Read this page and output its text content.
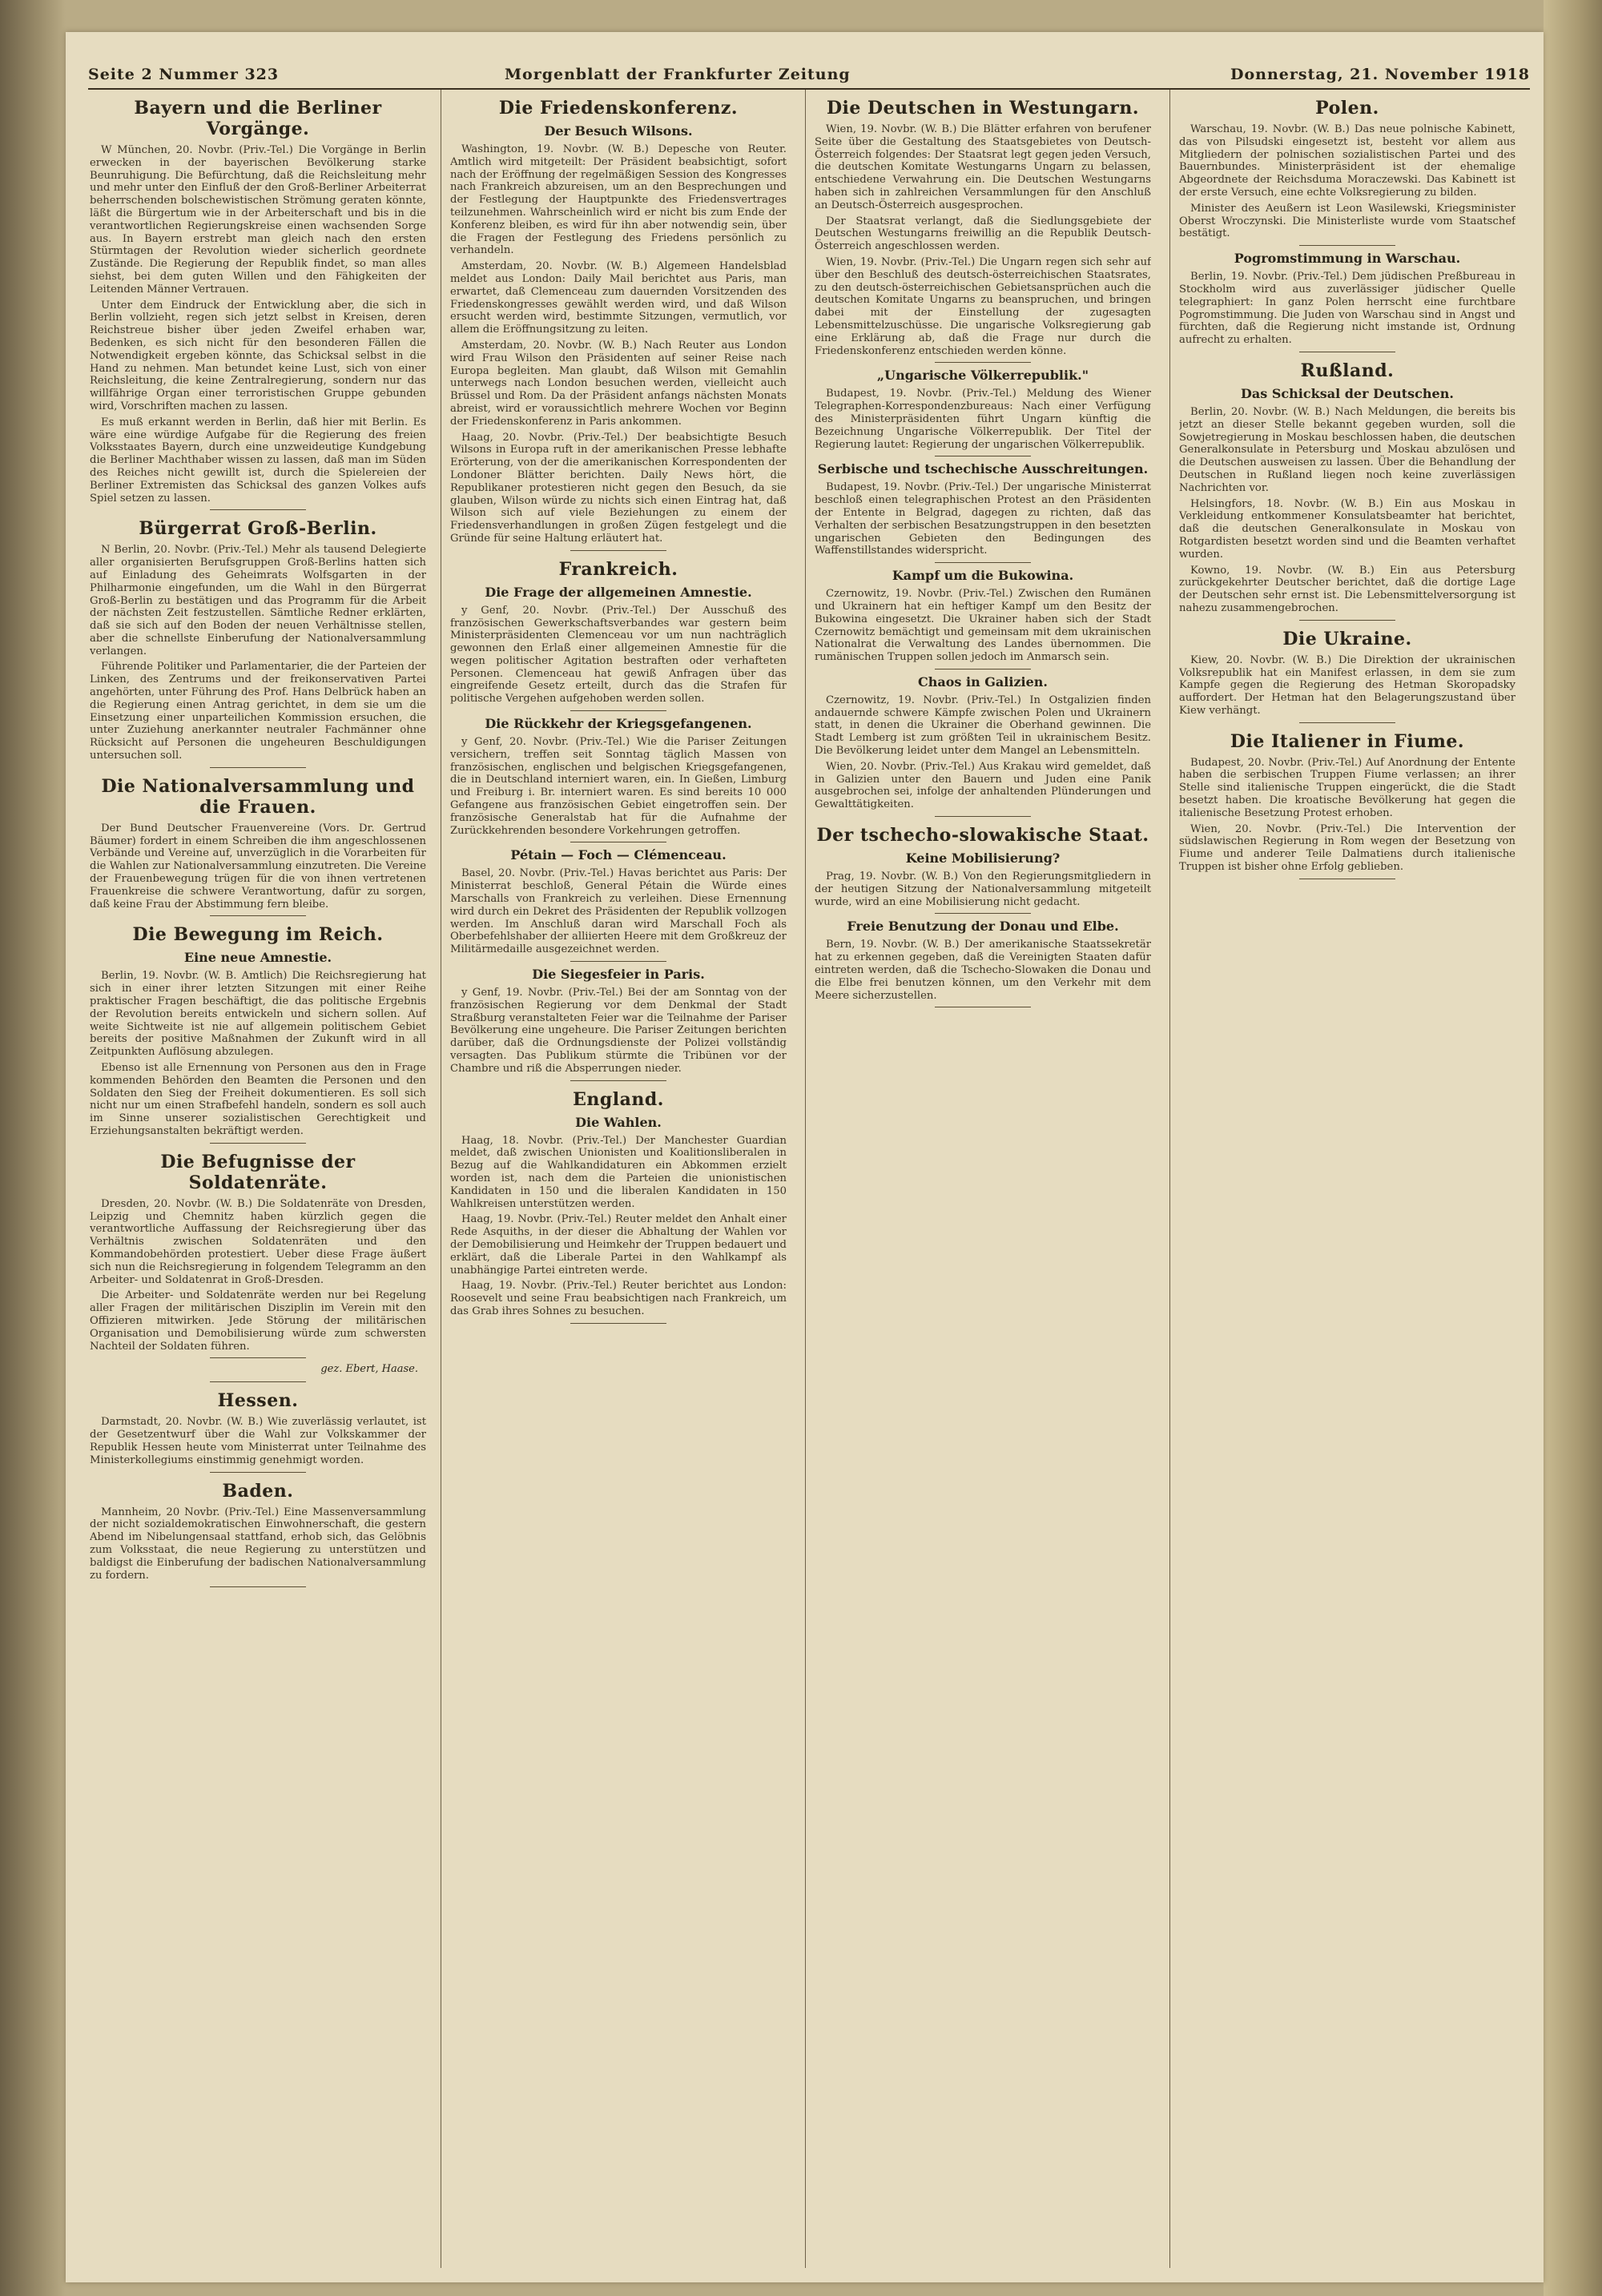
Seite 2 Nummer 323	Morgenblatt der Frankfurter Zeitung	Donnerstag, 21. November 1918
Bayern und die Berliner Vorgänge.

W München, 20. Novbr. (Priv.-Tel.) Die Vorgänge in Berlin erwecken in der bayerischen Bevölkerung starke Beunruhigung. Die Befürchtung, daß die Reichsleitung mehr und mehr unter den Einfluß der den Groß-Berliner Arbeiterrat beherrschenden bolschewistischen Strömung geraten könnte, läßt die Bürgertum wie in der Arbeiterschaft und bis in die verantwortlichen Regierungskreise einen wachsenden Sorge aus. In Bayern erstrebt man gleich nach den ersten Stürmtagen der Revolution wieder sicherlich geordnete Zustände. Die Regierung der Republik findet, so man alles siehst, bei dem guten Willen und den Fähigkeiten der Leitenden Männer Vertrauen.

Unter dem Eindruck der Entwicklung aber, die sich in Berlin vollzieht, regen sich jetzt selbst in Kreisen, deren Reichstreue bisher über jeden Zweifel erhaben war, Bedenken, es sich nicht für den besonderen Fällen die Notwendigkeit ergeben könnte, das Schicksal selbst in die Hand zu nehmen. Man betundet keine Lust, sich von einer Reichsleitung, die keine Zentralregierung, sondern nur das willfährige Organ einer terroristischen Gruppe gebunden wird, Vorschriften machen zu lassen.

Es muß erkannt werden in Berlin, daß hier mit Berlin. Es wäre eine würdige Aufgabe für die Regierung des freien Volksstaates Bayern, durch eine unzweideutige Kundgebung die Berliner Machthaber wissen zu lassen, daß man im Süden des Reiches nicht gewillt ist, durch die Spielereien der Berliner Extremisten das Schicksal des ganzen Volkes aufs Spiel setzen zu lassen.

Bürgerrat Groß-Berlin.

N Berlin, 20. Novbr. (Priv.-Tel.) Mehr als tausend Delegierte aller organisierten Berufsgruppen Groß-Berlins hatten sich auf Einladung des Geheimrats Wolfsgarten in der Philharmonie eingefunden, um die Wahl in den Bürgerrat Groß-Berlin zu bestätigen und das Programm für die Arbeit der nächsten Zeit festzustellen. Sämtliche Redner erklärten, daß sie sich auf den Boden der neuen Verhältnisse stellen, aber die schnellste Einberufung der Nationalversammlung verlangen.

Führende Politiker und Parlamentarier, die der Parteien der Linken, des Zentrums und der freikonservativen Partei angehörten, unter Führung des Prof. Hans Delbrück haben an die Regierung einen Antrag gerichtet, in dem sie um die Einsetzung einer unparteilichen Kommission ersuchen, die unter Zuziehung anerkannter neutraler Fachmänner ohne Rücksicht auf Personen die ungeheuren Beschuldigungen untersuchen soll.

Die Nationalversammlung und die Frauen.

Der Bund Deutscher Frauenvereine (Vors. Dr. Gertrud Bäumer) fordert in einem Schreiben die ihm angeschlossenen Verbände und Vereine auf, unverzüglich in die Vorarbeiten für die Wahlen zur Nationalversammlung einzutreten. Die Vereine der Frauenbewegung trügen für die von ihnen vertretenen Frauenkreise die schwere Verantwortung, dafür zu sorgen, daß keine Frau der Abstimmung fern bleibe.

Die Bewegung im Reich.
Eine neue Amnestie.

Berlin, 19. Novbr. (W. B. Amtlich) Die Reichsregierung hat sich in einer ihrer letzten Sitzungen mit einer Reihe praktischer Fragen beschäftigt, die das politische Ergebnis der Revolution bereits entwickeln und sichern sollen. Auf weite Sichtweite ist nie auf allgemein politischem Gebiet bereits der positive Maßnahmen der Zukunft wird in all Zeitpunkten Auflösung abzulegen.

Ebenso ist alle Ernennung von Personen aus den in Frage kommenden Behörden den Beamten die Personen und den Soldaten den Sieg der Freiheit dokumentieren. Es soll sich nicht nur um einen Strafbefehl handeln, sondern es soll auch im Sinne unserer sozialistischen Gerechtigkeit und Erziehungsanstalten bekräftigt werden.

Die Befugnisse der Soldatenräte.

Dresden, 20. Novbr. (W. B.) Die Soldatenräte von Dresden, Leipzig und Chemnitz haben kürzlich gegen die verantwortliche Auffassung der Reichsregierung über das Verhältnis zwischen Soldatenräten und den Kommandobehörden protestiert. Ueber diese Frage äußert sich nun die Reichsregierung in folgendem Telegramm an den Arbeiter- und Soldatenrat in Groß-Dresden.

Die Arbeiter- und Soldatenräte werden nur bei Regelung aller Fragen der militärischen Disziplin im Verein mit den Offizieren mitwirken. Jede Störung der militärischen Organisation und Demobilisierung würde zum schwersten Nachteil der Soldaten führen.

gez. Ebert, Haase.
Hessen.

Darmstadt, 20. Novbr. (W. B.) Wie zuverlässig verlautet, ist der Gesetzentwurf über die Wahl zur Volkskammer der Republik Hessen heute vom Ministerrat unter Teilnahme des Ministerkollegiums einstimmig genehmigt worden.

Baden.

Mannheim, 20 Novbr. (Priv.-Tel.) Eine Massenversammlung der nicht sozialdemokratischen Einwohnerschaft, die gestern Abend im Nibelungensaal stattfand, erhob sich, das Gelöbnis zum Volksstaat, die neue Regierung zu unterstützen und baldigst die Einberufung der badischen Nationalversammlung zu fordern.

Die Friedenskonferenz.
Der Besuch Wilsons.

Washington, 19. Novbr. (W. B.) Depesche von Reuter. Amtlich wird mitgeteilt: Der Präsident beabsichtigt, sofort nach der Eröffnung der regelmäßigen Session des Kongresses nach Frankreich abzureisen, um an den Besprechungen und der Festlegung der Hauptpunkte des Friedensvertrages teilzunehmen. Wahrscheinlich wird er nicht bis zum Ende der Konferenz bleiben, es wird für ihn aber notwendig sein, über die Fragen der Festlegung des Friedens persönlich zu verhandeln.

Amsterdam, 20. Novbr. (W. B.) Algemeen Handelsblad meldet aus London: Daily Mail berichtet aus Paris, man erwartet, daß Clemenceau zum dauernden Vorsitzenden des Friedenskongresses gewählt werden wird, und daß Wilson ersucht werden wird, bestimmte Sitzungen, vermutlich, vor allem die Eröffnungsitzung zu leiten.

Amsterdam, 20. Novbr. (W. B.) Nach Reuter aus London wird Frau Wilson den Präsidenten auf seiner Reise nach Europa begleiten. Man glaubt, daß Wilson mit Gemahlin unterwegs nach London besuchen werden, vielleicht auch Brüssel und Rom. Da der Präsident anfangs nächsten Monats abreist, wird er voraussichtlich mehrere Wochen vor Beginn der Friedenskonferenz in Paris ankommen.

Haag, 20. Novbr. (Priv.-Tel.) Der beabsichtigte Besuch Wilsons in Europa ruft in der amerikanischen Presse lebhafte Erörterung, von der die amerikanischen Korrespondenten der Londoner Blätter berichten. Daily News hört, die Republikaner protestieren nicht gegen den Besuch, da sie glauben, Wilson würde zu nichts sich einen Eintrag hat, daß Wilson sich auf viele Beziehungen zu einem der Friedensverhandlungen in großen Zügen festgelegt und die Gründe für seine Haltung erläutert hat.

Frankreich.
Die Frage der allgemeinen Amnestie.

y Genf, 20. Novbr. (Priv.-Tel.) Der Ausschuß des französischen Gewerkschaftsverbandes war gestern beim Ministerpräsidenten Clemenceau vor um nun nachträglich gewonnen den Erlaß einer allgemeinen Amnestie für die wegen politischer Agitation bestraften oder verhafteten Personen. Clemenceau hat gewiß Anfragen über das eingreifende Gesetz erteilt, durch das die Strafen für politische Vergehen aufgehoben werden sollen.

Die Rückkehr der Kriegsgefangenen.

y Genf, 20. Novbr. (Priv.-Tel.) Wie die Pariser Zeitungen versichern, treffen seit Sonntag täglich Massen von französischen, englischen und belgischen Kriegsgefangenen, die in Deutschland interniert waren, ein. In Gießen, Limburg und Freiburg i. Br. interniert waren. Es sind bereits 10 000 Gefangene aus französischen Gebiet eingetroffen sein. Der französische Generalstab hat für die Aufnahme der Zurückkehrenden besondere Vorkehrungen getroffen.

Pétain — Foch — Clémenceau.

Basel, 20. Novbr. (Priv.-Tel.) Havas berichtet aus Paris: Der Ministerrat beschloß, General Pétain die Würde eines Marschalls von Frankreich zu verleihen. Diese Ernennung wird durch ein Dekret des Präsidenten der Republik vollzogen werden. Im Anschluß daran wird Marschall Foch als Oberbefehlshaber der alliierten Heere mit dem Großkreuz der Militärmedaille ausgezeichnet werden.

Die Siegesfeier in Paris.

y Genf, 19. Novbr. (Priv.-Tel.) Bei der am Sonntag von der französischen Regierung vor dem Denkmal der Stadt Straßburg veranstalteten Feier war die Teilnahme der Pariser Bevölkerung eine ungeheure. Die Pariser Zeitungen berichten darüber, daß die Ordnungsdienste der Polizei vollständig versagten. Das Publikum stürmte die Tribünen vor der Chambre und riß die Absperrungen nieder.

England.
Die Wahlen.

Haag, 18. Novbr. (Priv.-Tel.) Der Manchester Guardian meldet, daß zwischen Unionisten und Koalitionsliberalen in Bezug auf die Wahlkandidaturen ein Abkommen erzielt worden ist, nach dem die Parteien die unionistischen Kandidaten in 150 und die liberalen Kandidaten in 150 Wahlkreisen unterstützen werden.

Haag, 19. Novbr. (Priv.-Tel.) Reuter meldet den Anhalt einer Rede Asquiths, in der dieser die Abhaltung der Wahlen vor der Demobilisierung und Heimkehr der Truppen bedauert und erklärt, daß die Liberale Partei in den Wahlkampf als unabhängige Partei eintreten werde.

Haag, 19. Novbr. (Priv.-Tel.) Reuter berichtet aus London: Roosevelt und seine Frau beabsichtigen nach Frankreich, um das Grab ihres Sohnes zu besuchen.

Die Deutschen in Westungarn.

Wien, 19. Novbr. (W. B.) Die Blätter erfahren von berufener Seite über die Gestaltung des Staatsgebietes von Deutsch-Österreich folgendes: Der Staatsrat legt gegen jeden Versuch, die deutschen Komitate Westungarns Ungarn zu belassen, entschiedene Verwahrung ein. Die Deutschen Westungarns haben sich in zahlreichen Versammlungen für den Anschluß an Deutsch-Österreich ausgesprochen.

Der Staatsrat verlangt, daß die Siedlungsgebiete der Deutschen Westungarns freiwillig an die Republik Deutsch-Österreich angeschlossen werden.

Wien, 19. Novbr. (Priv.-Tel.) Die Ungarn regen sich sehr auf über den Beschluß des deutsch-österreichischen Staatsrates, zu den deutsch-österreichischen Gebietsansprüchen auch die deutschen Komitate Ungarns zu beanspruchen, und bringen dabei mit der Einstellung der zugesagten Lebensmittelzuschüsse. Die ungarische Volksregierung gab eine Erklärung ab, daß die Frage nur durch die Friedenskonferenz entschieden werden könne.

„Ungarische Völkerrepublik."

Budapest, 19. Novbr. (Priv.-Tel.) Meldung des Wiener Telegraphen-Korrespondenzbureaus: Nach einer Verfügung des Ministerpräsidenten führt Ungarn künftig die Bezeichnung Ungarische Völkerrepublik. Der Titel der Regierung lautet: Regierung der ungarischen Völkerrepublik.

Serbische und tschechische Ausschreitungen.

Budapest, 19. Novbr. (Priv.-Tel.) Der ungarische Ministerrat beschloß einen telegraphischen Protest an den Präsidenten der Entente in Belgrad, dagegen zu richten, daß das Verhalten der serbischen Besatzungstruppen in den besetzten ungarischen Gebieten den Bedingungen des Waffenstillstandes widerspricht.

Kampf um die Bukowina.

Czernowitz, 19. Novbr. (Priv.-Tel.) Zwischen den Rumänen und Ukrainern hat ein heftiger Kampf um den Besitz der Bukowina eingesetzt. Die Ukrainer haben sich der Stadt Czernowitz bemächtigt und gemeinsam mit dem ukrainischen Nationalrat die Verwaltung des Landes übernommen. Die rumänischen Truppen sollen jedoch im Anmarsch sein.

Chaos in Galizien.

Czernowitz, 19. Novbr. (Priv.-Tel.) In Ostgalizien finden andauernde schwere Kämpfe zwischen Polen und Ukrainern statt, in denen die Ukrainer die Oberhand gewinnen. Die Stadt Lemberg ist zum größten Teil in ukrainischem Besitz. Die Bevölkerung leidet unter dem Mangel an Lebensmitteln.

Wien, 20. Novbr. (Priv.-Tel.) Aus Krakau wird gemeldet, daß in Galizien unter den Bauern und Juden eine Panik ausgebrochen sei, infolge der anhaltenden Plünderungen und Gewalttätigkeiten.

Der tschecho-slowakische Staat.
Keine Mobilisierung?

Prag, 19. Novbr. (W. B.) Von den Regierungsmitgliedern in der heutigen Sitzung der Nationalversammlung mitgeteilt wurde, wird an eine Mobilisierung nicht gedacht.

Freie Benutzung der Donau und Elbe.

Bern, 19. Novbr. (W. B.) Der amerikanische Staatssekretär hat zu erkennen gegeben, daß die Vereinigten Staaten dafür eintreten werden, daß die Tschecho-Slowaken die Donau und die Elbe frei benutzen können, um den Verkehr mit dem Meere sicherzustellen.

Polen.

Warschau, 19. Novbr. (W. B.) Das neue polnische Kabinett, das von Pilsudski eingesetzt ist, besteht vor allem aus Mitgliedern der polnischen sozialistischen Partei und des Bauernbundes. Ministerpräsident ist der ehemalige Abgeordnete der Reichsduma Moraczewski. Das Kabinett ist der erste Versuch, eine echte Volksregierung zu bilden.

Minister des Aeußern ist Leon Wasilewski, Kriegsminister Oberst Wroczynski. Die Ministerliste wurde vom Staatschef bestätigt.

Pogromstimmung in Warschau.

Berlin, 19. Novbr. (Priv.-Tel.) Dem jüdischen Preßbureau in Stockholm wird aus zuverlässiger jüdischer Quelle telegraphiert: In ganz Polen herrscht eine furchtbare Pogromstimmung. Die Juden von Warschau sind in Angst und fürchten, daß die Regierung nicht imstande ist, Ordnung aufrecht zu erhalten.

Rußland.
Das Schicksal der Deutschen.

Berlin, 20. Novbr. (W. B.) Nach Meldungen, die bereits bis jetzt an dieser Stelle bekannt gegeben wurden, soll die Sowjetregierung in Moskau beschlossen haben, die deutschen Generalkonsulate in Petersburg und Moskau abzulösen und die Deutschen ausweisen zu lassen. Über die Behandlung der Deutschen in Rußland liegen noch keine zuverlässigen Nachrichten vor.

Helsingfors, 18. Novbr. (W. B.) Ein aus Moskau in Verkleidung entkommener Konsulatsbeamter hat berichtet, daß die deutschen Generalkonsulate in Moskau von Rotgardisten besetzt worden sind und die Beamten verhaftet wurden.

Kowno, 19. Novbr. (W. B.) Ein aus Petersburg zurückgekehrter Deutscher berichtet, daß die dortige Lage der Deutschen sehr ernst ist. Die Lebensmittelversorgung ist nahezu zusammengebrochen.

Die Ukraine.

Kiew, 20. Novbr. (W. B.) Die Direktion der ukrainischen Volksrepublik hat ein Manifest erlassen, in dem sie zum Kampfe gegen die Regierung des Hetman Skoropadsky auffordert. Der Hetman hat den Belagerungszustand über Kiew verhängt.

Die Italiener in Fiume.

Budapest, 20. Novbr. (Priv.-Tel.) Auf Anordnung der Entente haben die serbischen Truppen Fiume verlassen; an ihrer Stelle sind italienische Truppen eingerückt, die die Stadt besetzt haben. Die kroatische Bevölkerung hat gegen die italienische Besetzung Protest erhoben.

Wien, 20. Novbr. (Priv.-Tel.) Die Intervention der südslawischen Regierung in Rom wegen der Besetzung von Fiume und anderer Teile Dalmatiens durch italienische Truppen ist bisher ohne Erfolg geblieben.
